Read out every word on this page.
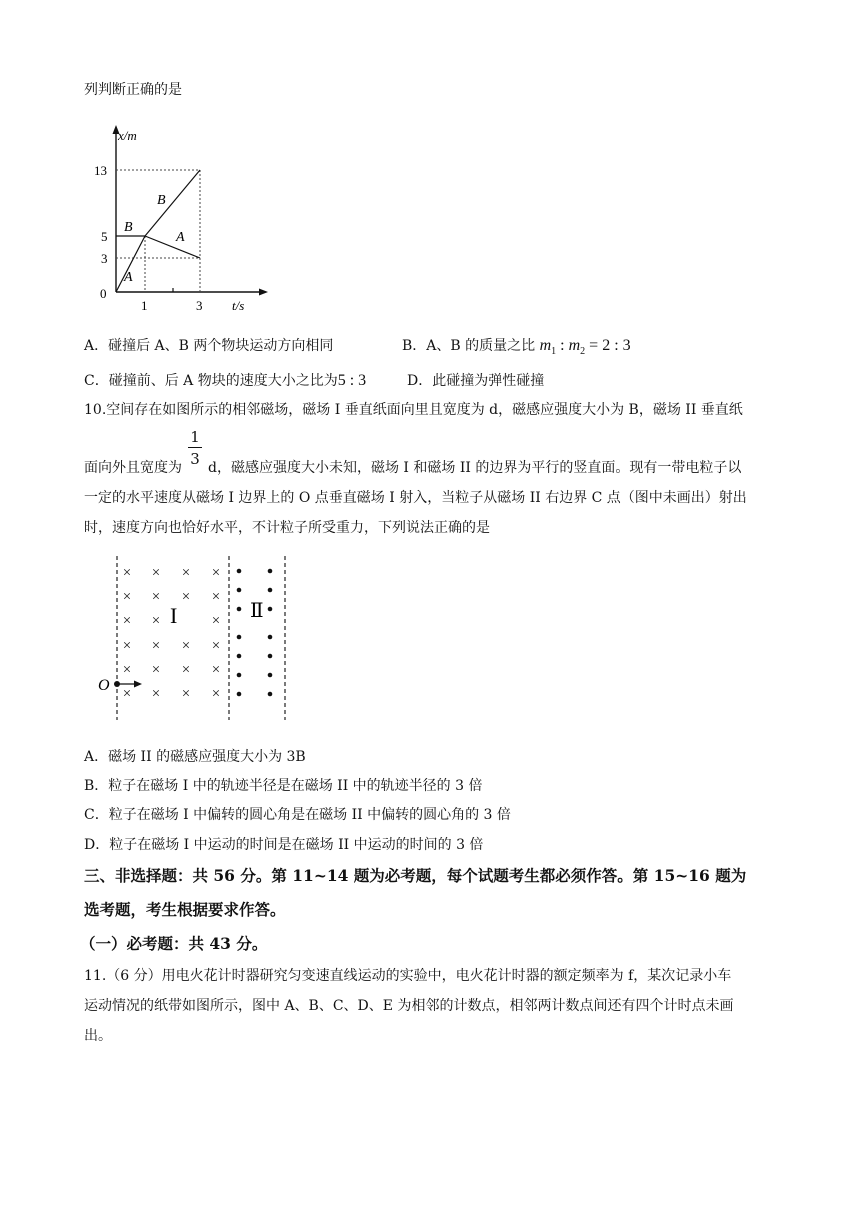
列判断正确的是
x/m
t/s
13
5
3
0
1	3
B
B
A
A
A．碰撞后 A、B 两个物块运动方向相同	B．A、B 的质量之比 $m_1$ : $m_2 = 2$ : 3
C．碰撞前、后 A 物块的速度大小之比为5 : 3	D．此碰撞为弹性碰撞
10.空间存在如图所示的相邻磁场，磁场 I 垂直纸面向里且宽度为 d，磁感应强度大小为 B，磁场 II 垂直纸
$\frac{1}{3}$
面向外且宽度为 d，磁感应强度大小未知，磁场 I 和磁场 II 的边界为平行的竖直面。现有一带电粒子以
一定的水平速度从磁场 I 边界上的 O 点垂直磁场 I 射入，当粒子从磁场 II 右边界 C 点（图中未画出）射出
时，速度方向也恰好水平，不计粒子所受重力，下列说法正确的是
× × × ×
× × × ×
× ×	×
× × × ×
× × × ×
× × × ×
I	Ⅱ
O
A．磁场 II 的磁感应强度大小为 3B
B．粒子在磁场 I 中的轨迹半径是在磁场 II 中的轨迹半径的 3 倍
C．粒子在磁场 I 中偏转的圆心角是在磁场 II 中偏转的圆心角的 3 倍
D．粒子在磁场 I 中运动的时间是在磁场 II 中运动的时间的 3 倍
三、非选择题：共 56 分。第 11~14 题为必考题，每个试题考生都必须作答。第 15~16 题为
选考题，考生根据要求作答。
（一）必考题：共 43 分。
11.（6 分）用电火花计时器研究匀变速直线运动的实验中，电火花计时器的额定频率为 f，某次记录小车
运动情况的纸带如图所示，图中 A、B、C、D、E 为相邻的计数点，相邻两计数点间还有四个计时点未画
出。
